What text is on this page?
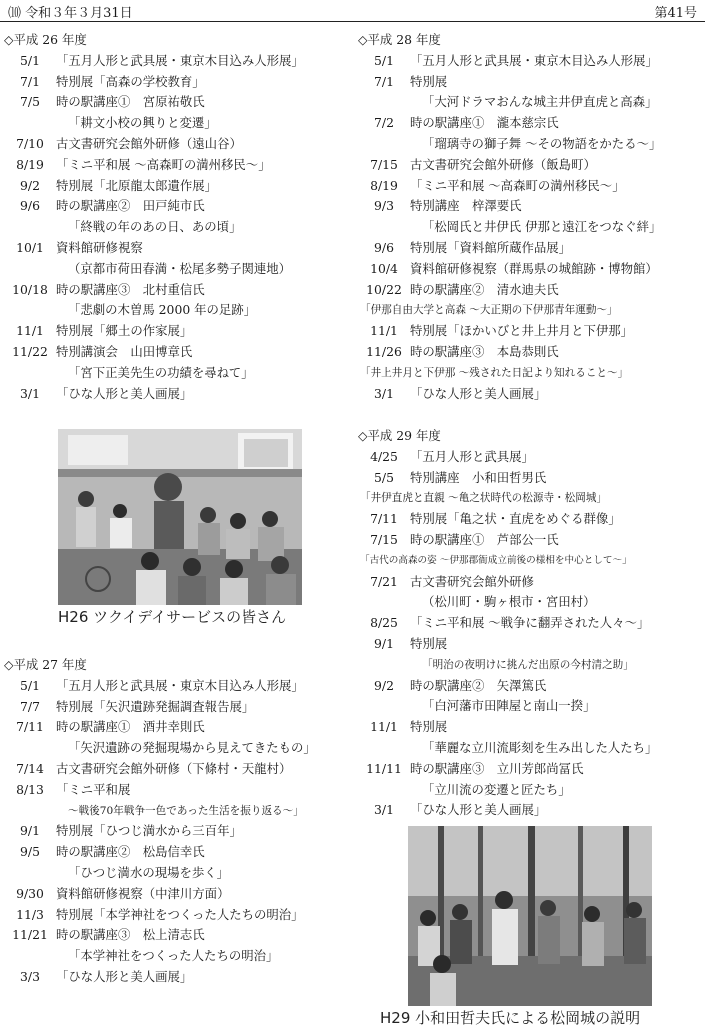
⑽ 令和３年３月31日	第41号
◇平成 26 年度
5/1 「五月人形と武具展・東京木目込み人形展」
7/1 特別展「高森の学校教育」
7/5 時の駅講座①　宮原祐敬氏
「耕文小校の興りと変遷」
7/10 古文書研究会館外研修（遠山谷）
8/19 「ミニ平和展 ～高森町の満州移民～」
9/2 特別展「北原龍太郎遺作展」
9/6 時の駅講座②　田戸純市氏
「終戦の年のあの日、あの頃」
10/1 資料館研修視察
（京都市荷田春満・松尾多勢子関連地）
10/18 時の駅講座③　北村重信氏
「悲劇の木曽馬 2000 年の足跡」
11/1 特別展「郷土の作家展」
11/22 特別講演会　山田博章氏
「宮下正美先生の功績を尋ねて」
3/1 「ひな人形と美人画展」
H26 ツクイデイサービスの皆さん
◇平成 27 年度
5/1 「五月人形と武具展・東京木目込み人形展」
7/7 特別展「矢沢遺跡発掘調査報告展」
7/11 時の駅講座①　酒井幸則氏
「矢沢遺跡の発掘現場から見えてきたもの」
7/14 古文書研究会館外研修（下條村・天龍村）
8/13 「ミニ平和展
～戦後70年戦争一色であった生活を振り返る～」
9/1 特別展「ひつじ満水から三百年」
9/5 時の駅講座②　松島信幸氏
「ひつじ満水の現場を歩く」
9/30 資料館研修視察（中津川方面）
11/3 特別展「本学神社をつくった人たちの明治」
11/21 時の駅講座③　松上清志氏
「本学神社をつくった人たちの明治」
3/3 「ひな人形と美人画展」
◇平成 28 年度
5/1 「五月人形と武具展・東京木目込み人形展」
7/1 特別展
「大河ドラマおんな城主井伊直虎と高森」
7/2 時の駅講座①　瀧本慈宗氏
「瑠璃寺の獅子舞 ～その物語をかたる～」
7/15 古文書研究会館外研修（飯島町）
8/19 「ミニ平和展 ～高森町の満州移民～」
9/3 特別講座　梓澤要氏
「松岡氏と井伊氏 伊那と遠江をつなぐ絆」
9/6 特別展「資料館所蔵作品展」
10/4 資料館研修視察（群馬県の城館跡・博物館）
10/22 時の駅講座②　清水迪夫氏
「伊那自由大学と高森 ～大正期の下伊那青年運動～」
11/1 特別展「ほかいびと井上井月と下伊那」
11/26 時の駅講座③　本島恭則氏
「井上井月と下伊那 ～残された日記より知れること～」
3/1 「ひな人形と美人画展」
◇平成 29 年度
4/25 「五月人形と武具展」
5/5 特別講座　小和田哲男氏
「井伊直虎と直親 ～亀之状時代の松源寺・松岡城」
7/11 特別展「亀之状・直虎をめぐる群像」
7/15 時の駅講座①　芦部公一氏
「古代の高森の姿 ～伊那郡衙成立前後の様相を中心として～」
7/21 古文書研究会館外研修
（松川町・駒ヶ根市・宮田村）
8/25 「ミニ平和展 ～戦争に翻弄された人々～」
9/1 特別展
「明治の夜明けに挑んだ出原の今村清之助」
9/2 時の駅講座②　矢澤篤氏
「白河藩市田陣屋と南山一揆」
11/1 特別展
「華麗な立川流彫刻を生み出した人たち」
11/11 時の駅講座③　立川芳郎尚冨氏
「立川流の変遷と匠たち」
3/1 「ひな人形と美人画展」
H29 小和田哲夫氏による松岡城の説明
